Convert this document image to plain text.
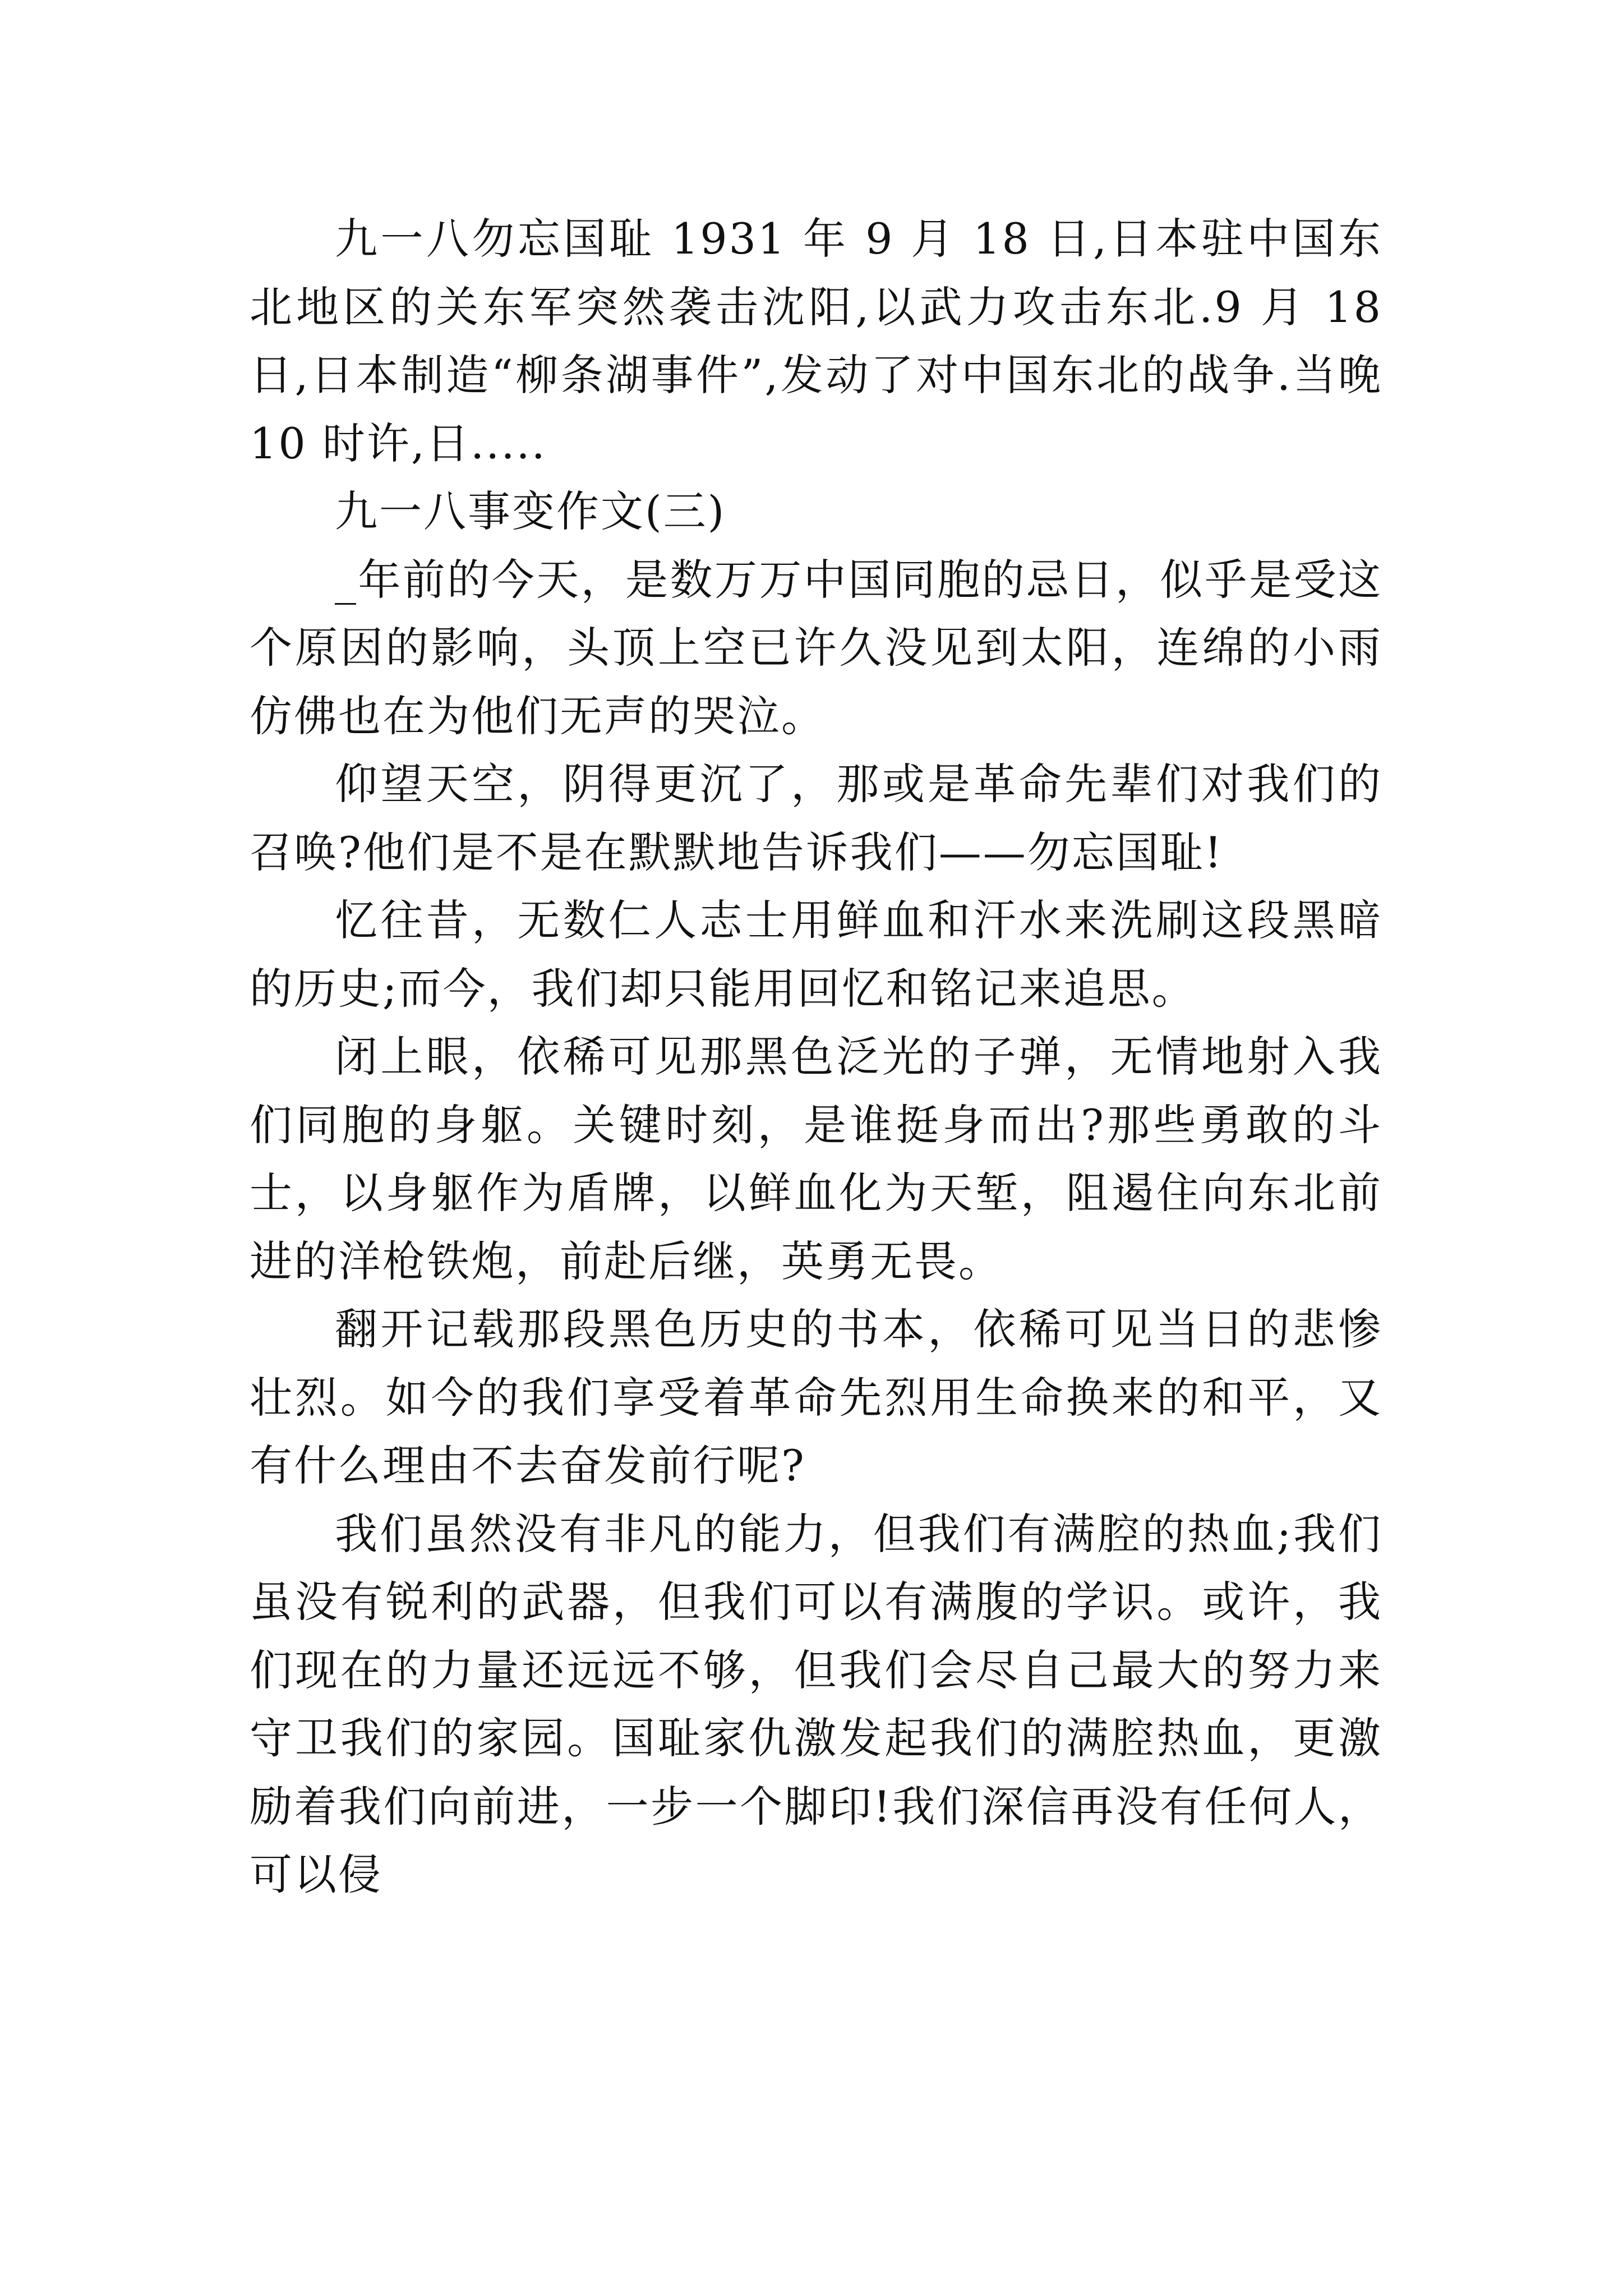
九一八勿忘国耻 1931 年 9 月 18 日,日本驻中国东北地区的关东军突然袭击沈阳,以武力攻击东北.9 月 18 日,日本制造“柳条湖事件”,发动了对中国东北的战争.当晚 10 时许,日.....

九一八事变作文(三)

_年前的今天，是数万万中国同胞的忌日，似乎是受这个原因的影响，头顶上空已许久没见到太阳，连绵的小雨仿佛也在为他们无声的哭泣。

仰望天空，阴得更沉了，那或是革命先辈们对我们的召唤?他们是不是在默默地告诉我们——勿忘国耻!

忆往昔，无数仁人志士用鲜血和汗水来洗刷这段黑暗的历史;而今，我们却只能用回忆和铭记来追思。

闭上眼，依稀可见那黑色泛光的子弹，无情地射入我们同胞的身躯。关键时刻，是谁挺身而出?那些勇敢的斗士，以身躯作为盾牌，以鲜血化为天堑，阻遏住向东北前进的洋枪铁炮，前赴后继，英勇无畏。

翻开记载那段黑色历史的书本，依稀可见当日的悲惨壮烈。如今的我们享受着革命先烈用生命换来的和平，又有什么理由不去奋发前行呢?

我们虽然没有非凡的能力，但我们有满腔的热血;我们虽没有锐利的武器，但我们可以有满腹的学识。或许，我们现在的力量还远远不够，但我们会尽自己最大的努力来守卫我们的家园。国耻家仇激发起我们的满腔热血，更激励着我们向前进，一步一个脚印!我们深信再没有任何人，可以侵
